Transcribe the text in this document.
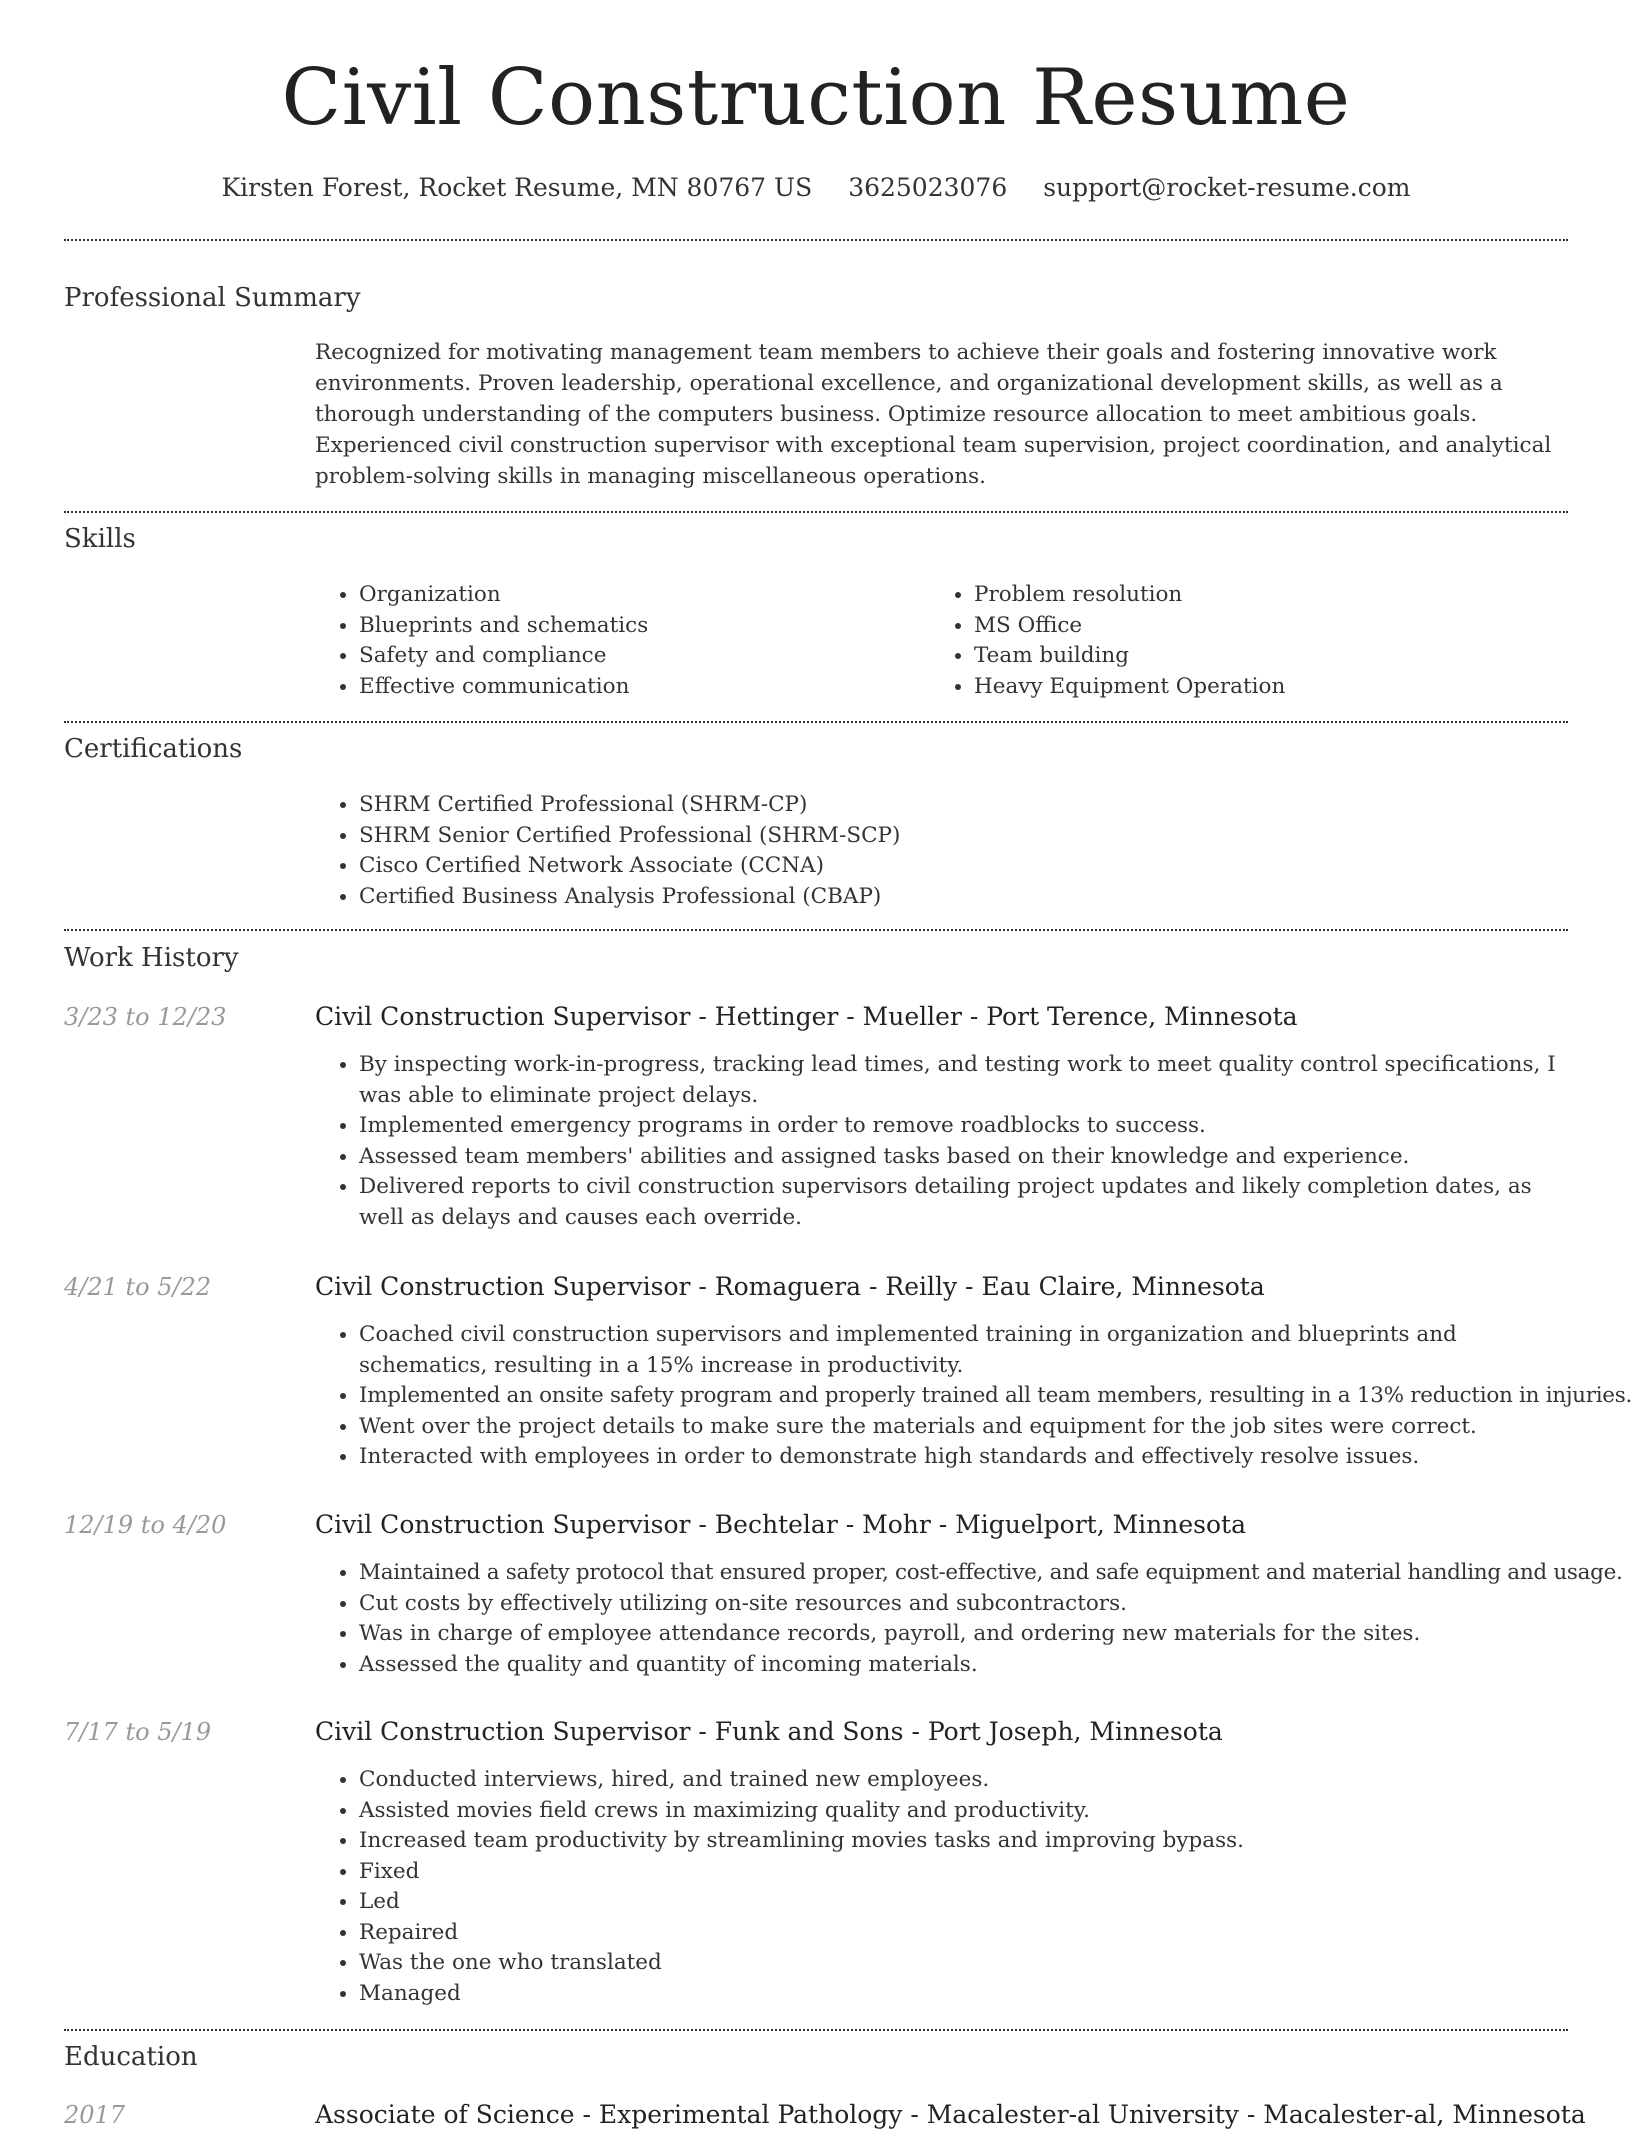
Civil Construction Resume
Kirsten Forest, Rocket Resume, MN 80767 US 3625023076 support@rocket-resume.com
Professional Summary
Recognized for motivating management team members to achieve their goals and fostering innovative work environments. Proven leadership, operational excellence, and organizational development skills, as well as a thorough understanding of the computers business. Optimize resource allocation to meet ambitious goals. Experienced civil construction supervisor with exceptional team supervision, project coordination, and analytical problem-solving skills in managing miscellaneous operations.
Skills
• Organization
• Blueprints and schematics
• Safety and compliance
• Effective communication
• Problem resolution
• MS Office
• Team building
• Heavy Equipment Operation
Certifications
• SHRM Certified Professional (SHRM-CP)
• SHRM Senior Certified Professional (SHRM-SCP)
• Cisco Certified Network Associate (CCNA)
• Certified Business Analysis Professional (CBAP)
Work History
3/23 to 12/23	Civil Construction Supervisor - Hettinger - Mueller - Port Terence, Minnesota
• By inspecting work-in-progress, tracking lead times, and testing work to meet quality control specifications, I was able to eliminate project delays.
• Implemented emergency programs in order to remove roadblocks to success.
• Assessed team members' abilities and assigned tasks based on their knowledge and experience.
• Delivered reports to civil construction supervisors detailing project updates and likely completion dates, as well as delays and causes each override.
4/21 to 5/22	Civil Construction Supervisor - Romaguera - Reilly - Eau Claire, Minnesota
• Coached civil construction supervisors and implemented training in organization and blueprints and schematics, resulting in a 15% increase in productivity.
• Implemented an onsite safety program and properly trained all team members, resulting in a 13% reduction in injuries.
• Went over the project details to make sure the materials and equipment for the job sites were correct.
• Interacted with employees in order to demonstrate high standards and effectively resolve issues.
12/19 to 4/20	Civil Construction Supervisor - Bechtelar - Mohr - Miguelport, Minnesota
• Maintained a safety protocol that ensured proper, cost-effective, and safe equipment and material handling and usage.
• Cut costs by effectively utilizing on-site resources and subcontractors.
• Was in charge of employee attendance records, payroll, and ordering new materials for the sites.
• Assessed the quality and quantity of incoming materials.
7/17 to 5/19	Civil Construction Supervisor - Funk and Sons - Port Joseph, Minnesota
• Conducted interviews, hired, and trained new employees.
• Assisted movies field crews in maximizing quality and productivity.
• Increased team productivity by streamlining movies tasks and improving bypass.
• Fixed
• Led
• Repaired
• Was the one who translated
• Managed
Education
2017	Associate of Science - Experimental Pathology - Macalester-al University - Macalester-al, Minnesota
